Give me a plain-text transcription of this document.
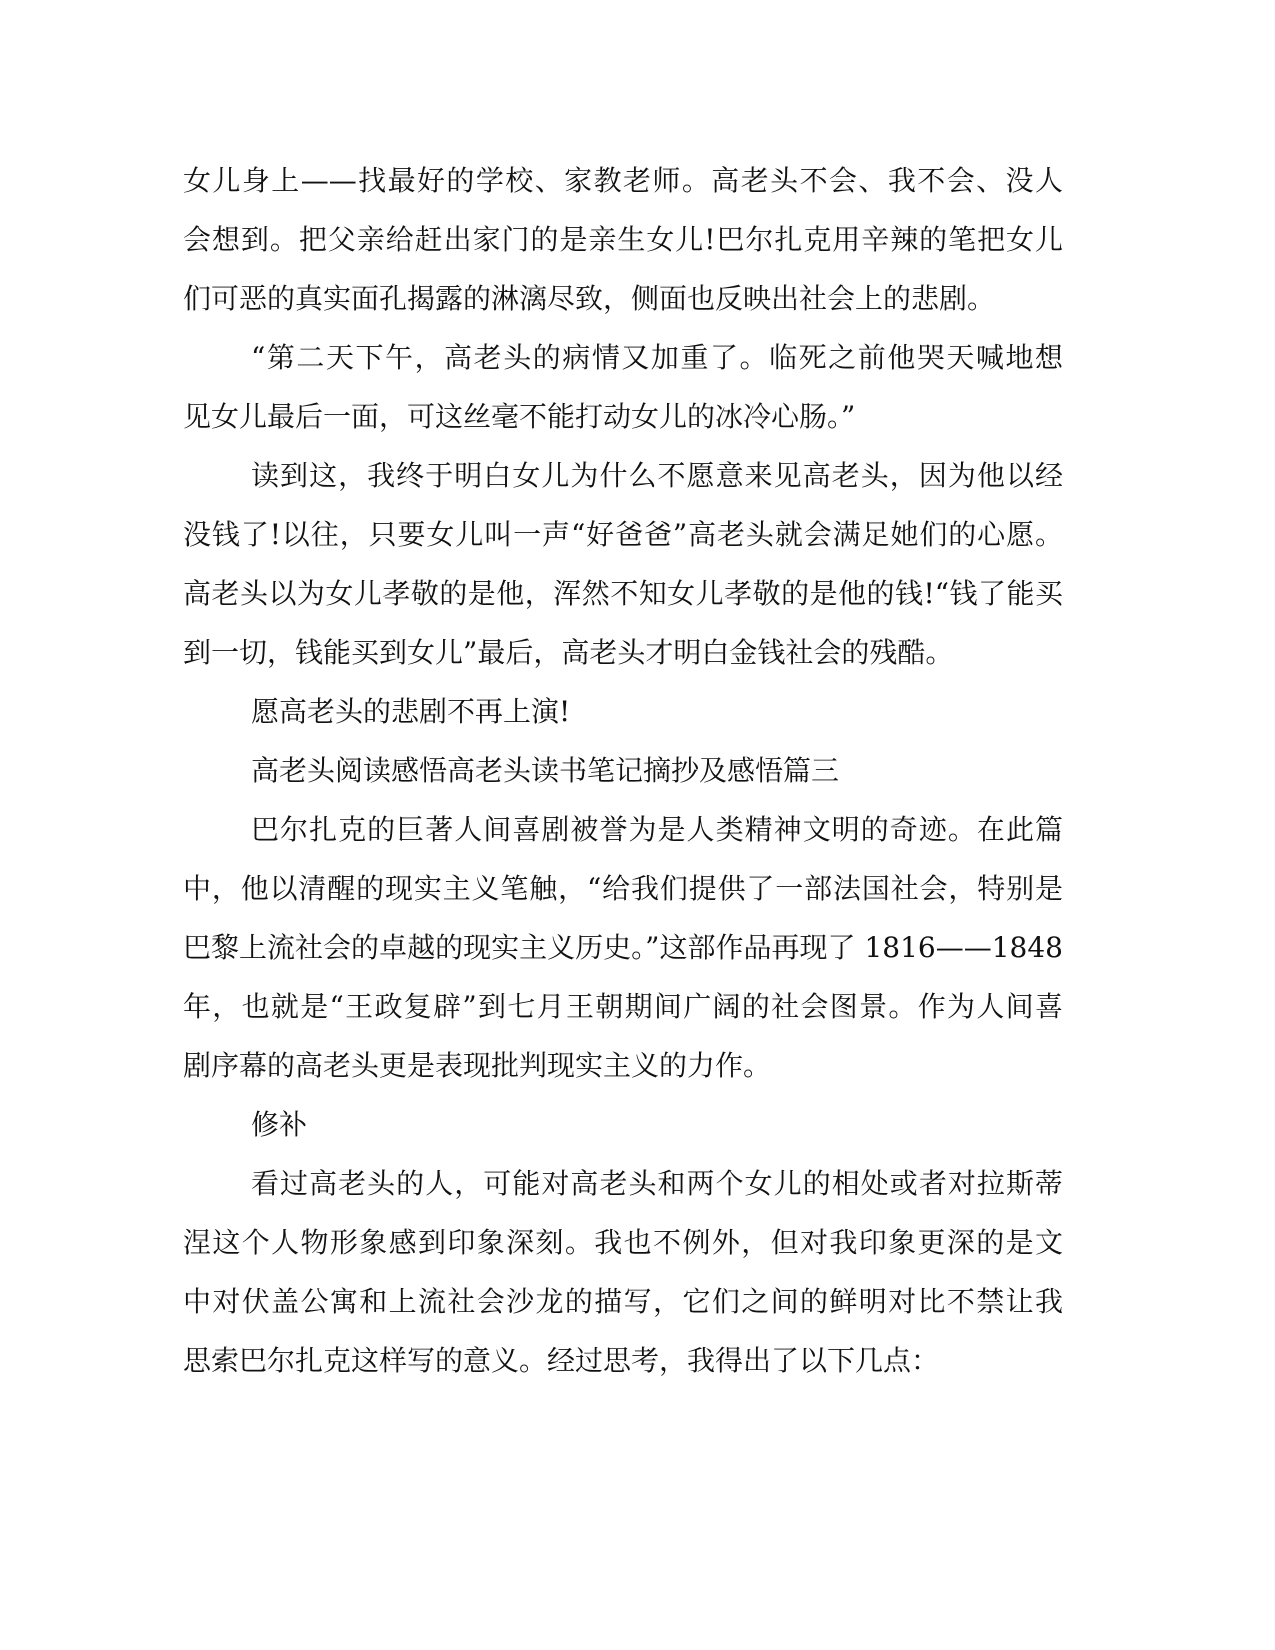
女儿身上——找最好的学校、家教老师。高老头不会、我不会、没人
会想到。把父亲给赶出家门的是亲生女儿!巴尔扎克用辛辣的笔把女儿
们可恶的真实面孔揭露的淋漓尽致，侧面也反映出社会上的悲剧。
“第二天下午，高老头的病情又加重了。临死之前他哭天喊地想
见女儿最后一面，可这丝毫不能打动女儿的冰冷心肠。”
读到这，我终于明白女儿为什么不愿意来见高老头，因为他以经
没钱了!以往，只要女儿叫一声“好爸爸”高老头就会满足她们的心愿。
高老头以为女儿孝敬的是他，浑然不知女儿孝敬的是他的钱!“钱了能买
到一切，钱能买到女儿”最后，高老头才明白金钱社会的残酷。
愿高老头的悲剧不再上演!
高老头阅读感悟高老头读书笔记摘抄及感悟篇三
巴尔扎克的巨著人间喜剧被誉为是人类精神文明的奇迹。在此篇
中，他以清醒的现实主义笔触，“给我们提供了一部法国社会，特别是
巴黎上流社会的卓越的现实主义历史。”这部作品再现了 1816——1848
年，也就是“王政复辟”到七月王朝期间广阔的社会图景。作为人间喜
剧序幕的高老头更是表现批判现实主义的力作。
修补
看过高老头的人，可能对高老头和两个女儿的相处或者对拉斯蒂
涅这个人物形象感到印象深刻。我也不例外，但对我印象更深的是文
中对伏盖公寓和上流社会沙龙的描写，它们之间的鲜明对比不禁让我
思索巴尔扎克这样写的意义。经过思考，我得出了以下几点：
